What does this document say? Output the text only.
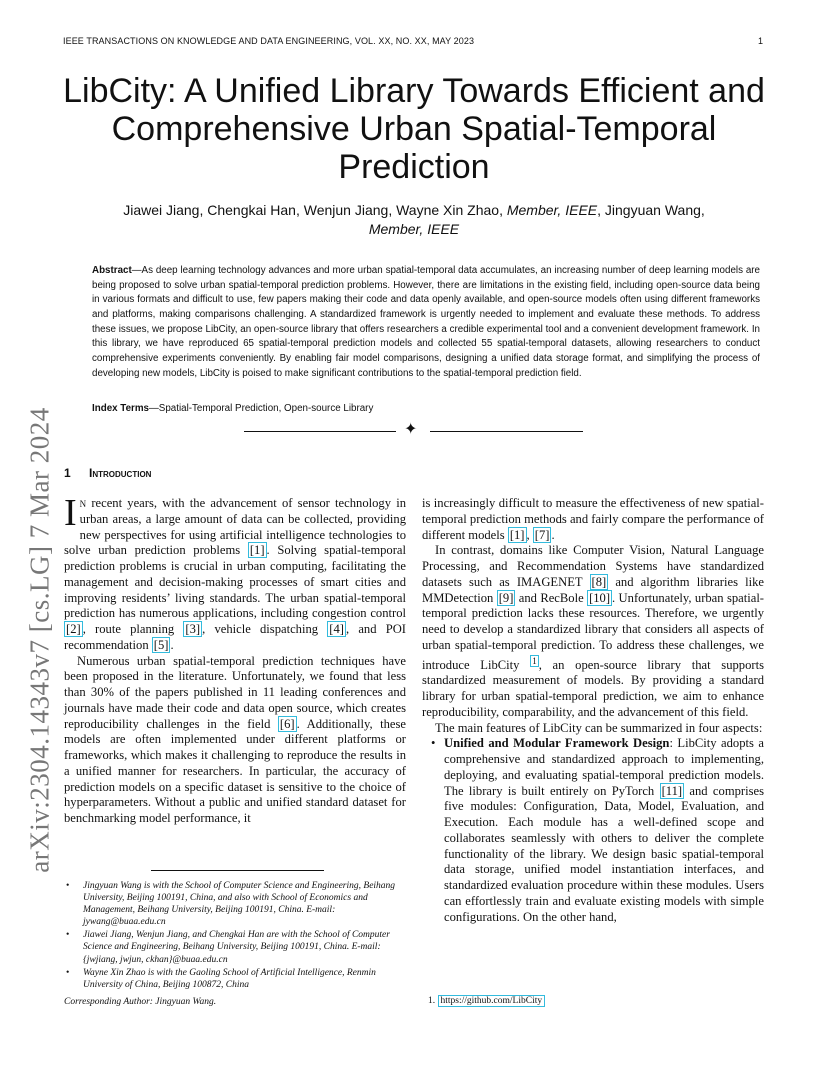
IEEE TRANSACTIONS ON KNOWLEDGE AND DATA ENGINEERING, VOL. XX, NO. XX, MAY 2023	1
arXiv:2304.14343v7 [cs.LG] 7 Mar 2024
LibCity: A Unified Library Towards Efficient and Comprehensive Urban Spatial-Temporal Prediction
Jiawei Jiang, Chengkai Han, Wenjun Jiang, Wayne Xin Zhao, Member, IEEE, Jingyuan Wang, Member, IEEE
Abstract—As deep learning technology advances and more urban spatial-temporal data accumulates, an increasing number of deep learning models are being proposed to solve urban spatial-temporal prediction problems. However, there are limitations in the existing field, including open-source data being in various formats and difficult to use, few papers making their code and data openly available, and open-source models often using different frameworks and platforms, making comparisons challenging. A standardized framework is urgently needed to implement and evaluate these methods. To address these issues, we propose LibCity, an open-source library that offers researchers a credible experimental tool and a convenient development framework. In this library, we have reproduced 65 spatial-temporal prediction models and collected 55 spatial-temporal datasets, allowing researchers to conduct comprehensive experiments conveniently. By enabling fair model comparisons, designing a unified data storage format, and simplifying the process of developing new models, LibCity is poised to make significant contributions to the spatial-temporal prediction field.
Index Terms—Spatial-Temporal Prediction, Open-source Library
✦
1 Introduction

In recent years, with the advancement of sensor technology in urban areas, a large amount of data can be collected, providing new perspectives for using artificial intelligence technologies to solve urban prediction problems [1] . Solving spatial-temporal prediction problems is crucial in urban computing, facilitating the management and decision-making processes of smart cities and improving residents’ living standards. The urban spatial-temporal prediction has numerous applications, including congestion control [2] , route planning [3] , vehicle dispatching [4] , and POI recommendation [5] .

Numerous urban spatial-temporal prediction techniques have been proposed in the literature. Unfortunately, we found that less than 30% of the papers published in 11 leading conferences and journals have made their code and data open source, which creates reproducibility challenges in the field [6] . Additionally, these models are often implemented under different platforms or frameworks, which makes it challenging to reproduce the results in a unified manner for researchers. In particular, the accuracy of prediction models on a specific dataset is sensitive to the choice of hyperparameters. Without a public and unified standard dataset for benchmarking model performance, it

is increasingly difficult to measure the effectiveness of new spatial-temporal prediction methods and fairly compare the performance of different models [1] , [7] .

In contrast, domains like Computer Vision, Natural Language Processing, and Recommendation Systems have standardized datasets such as IMAGENET [8] and algorithm libraries like MMDetection [9] and RecBole [10] . Unfortunately, urban spatial-temporal prediction lacks these resources. Therefore, we urgently need to develop a standardized library that considers all aspects of urban spatial-temporal prediction. To address these challenges, we introduce LibCity $^1$ , an open-source library that supports standardized measurement of models. By providing a standard library for urban spatial-temporal prediction, we aim to enhance reproducibility, comparability, and the advancement of this field.

The main features of LibCity can be summarized in four aspects:

• Unified and Modular Framework Design: LibCity adopts a comprehensive and standardized approach to implementing, deploying, and evaluating spatial-temporal prediction models. The library is built entirely on PyTorch [11] and comprises five modules: Configuration, Data, Model, Evaluation, and Execution. Each module has a well-defined scope and collaborates seamlessly with others to deliver the complete functionality of the library. We design basic spatial-temporal data storage, unified model instantiation interfaces, and standardized evaluation procedure within these modules. Users can effortlessly train and evaluate existing models with simple configurations. On the other hand,
• Jingyuan Wang is with the School of Computer Science and Engineering, Beihang University, Beijing 100191, China, and also with School of Economics and Management, Beihang University, Beijing 100191, China. E-mail: jywang@buaa.edu.cn
• Jiawei Jiang, Wenjun Jiang, and Chengkai Han are with the School of Computer Science and Engineering, Beihang University, Beijing 100191, China. E-mail: {jwjiang, jwjun, ckhan}@buaa.edu.cn
• Wayne Xin Zhao is with the Gaoling School of Artificial Intelligence, Renmin University of China, Beijing 100872, China
Corresponding Author: Jingyuan Wang.	1. https://github.com/LibCity
